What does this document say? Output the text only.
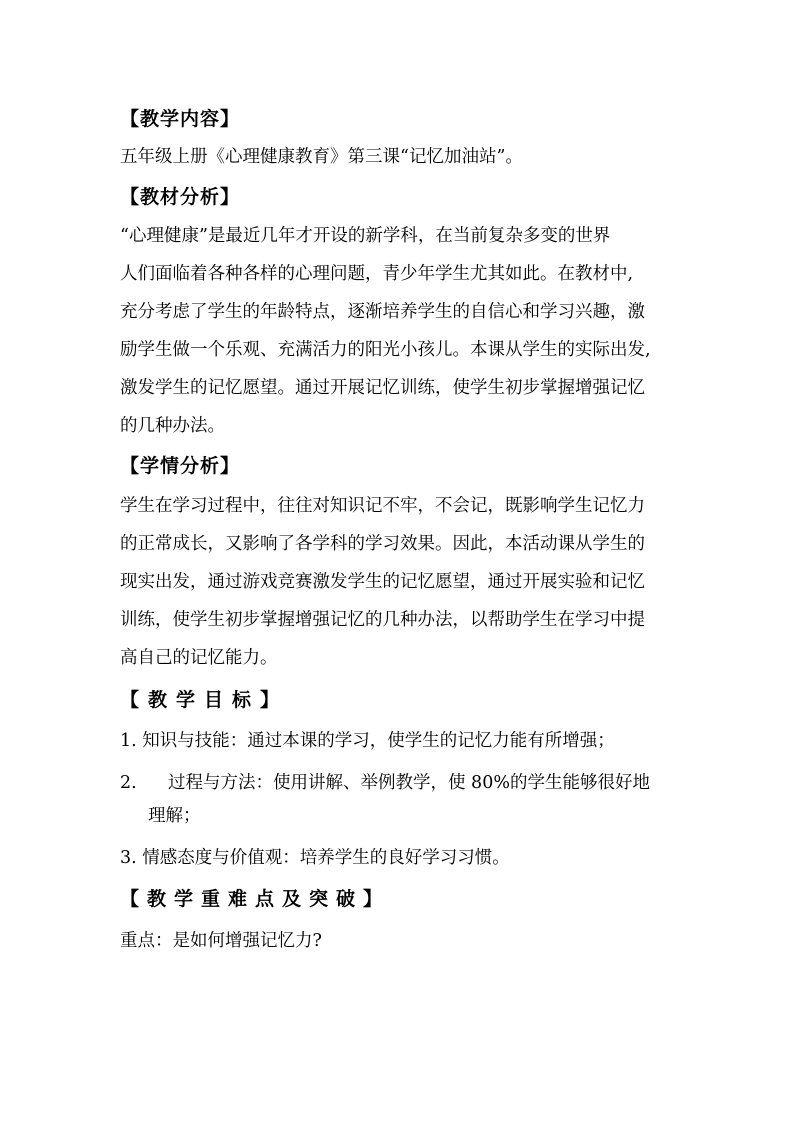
【教学内容】

五年级上册《心理健康教育》第三课“记忆加油站”。

【教材分析】

“心理健康”是最近几年才开设的新学科，在当前复杂多变的世界

人们面临着各种各样的心理问题，青少年学生尤其如此。在教材中,

充分考虑了学生的年龄特点，逐渐培养学生的自信心和学习兴趣，激

励学生做一个乐观、充满活力的阳光小孩儿。本课从学生的实际出发,

激发学生的记忆愿望。通过开展记忆训练，使学生初步掌握增强记忆

的几种办法。

【学情分析】

学生在学习过程中，往往对知识记不牢，不会记，既影响学生记忆力

的正常成长，又影响了各学科的学习效果。因此，本活动课从学生的

现实出发，通过游戏竞赛激发学生的记忆愿望，通过开展实验和记忆

训练，使学生初步掌握增强记忆的几种办法，以帮助学生在学习中提

高自己的记忆能力。

【教学目标】

1. 知识与技能：通过本课的学习，使学生的记忆力能有所增强；

2. 过程与方法：使用讲解、举例教学，使 80%的学生能够很好地
理解；

3. 情感态度与价值观：培养学生的良好学习习惯。

【教学重难点及突破】

重点：是如何增强记忆力?
